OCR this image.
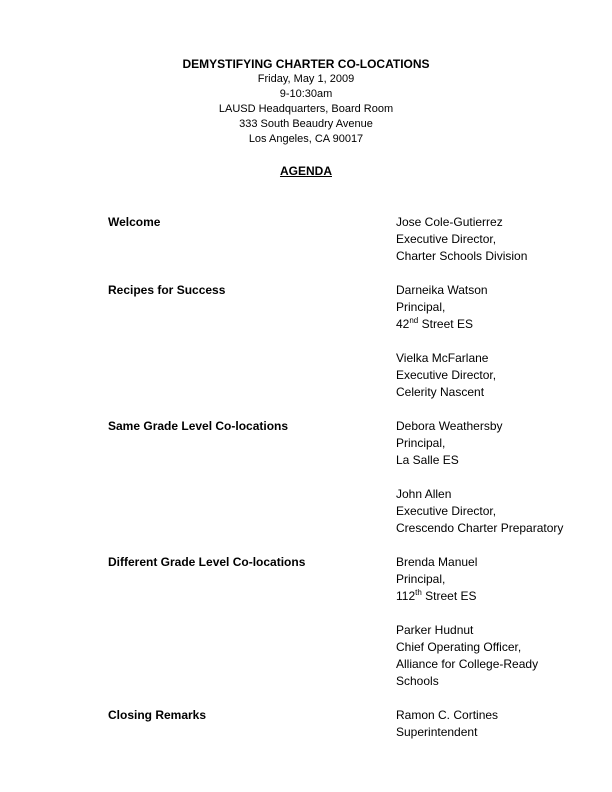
DEMYSTIFYING CHARTER CO-LOCATIONS

Friday, May 1, 2009

9-10:30am

LAUSD Headquarters, Board Room

333 South Beaudry Avenue

Los Angeles, CA 90017

AGENDA
Welcome	Jose Cole-Gutierrez
Executive Director,
Charter Schools Division
Recipes for Success	Darneika Watson
Principal,
42nd Street ES
Vielka McFarlane
Executive Director,
Celerity Nascent
Same Grade Level Co-locations	Debora Weathersby
Principal,
La Salle ES
John Allen
Executive Director,
Crescendo Charter Preparatory
Different Grade Level Co-locations	Brenda Manuel
Principal,
112th Street ES
Parker Hudnut
Chief Operating Officer,
Alliance for College-Ready
Schools
Closing Remarks	Ramon C. Cortines
Superintendent
